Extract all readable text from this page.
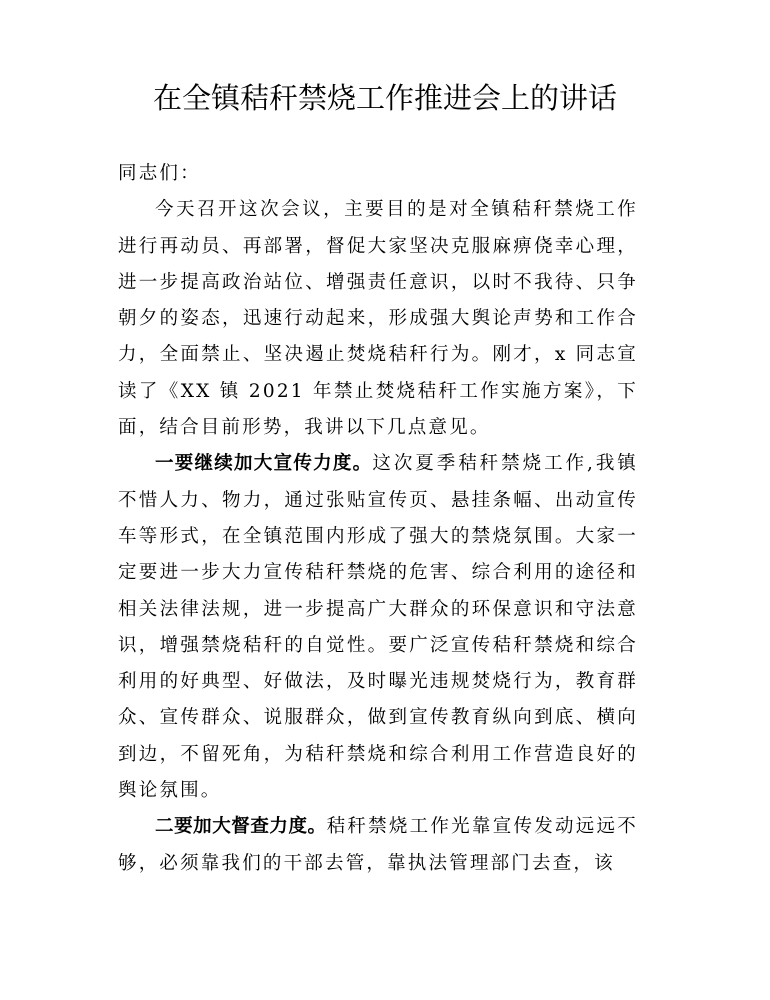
在全镇秸秆禁烧工作推进会上的讲话

同志们：

今天召开这次会议，主要目的是对全镇秸秆禁烧工作进行再动员、再部署，督促大家坚决克服麻痹侥幸心理，进一步提高政治站位、增强责任意识，以时不我待、只争朝夕的姿态，迅速行动起来，形成强大舆论声势和工作合力，全面禁止、坚决遏止焚烧秸秆行为。刚才，x 同志宣读了《XX 镇 2021 年禁止焚烧秸秆工作实施方案》，下面，结合目前形势，我讲以下几点意见。

一要继续加大宣传力度。这次夏季秸秆禁烧工作,我镇不惜人力、物力，通过张贴宣传页、悬挂条幅、出动宣传车等形式，在全镇范围内形成了强大的禁烧氛围。大家一定要进一步大力宣传秸秆禁烧的危害、综合利用的途径和相关法律法规，进一步提高广大群众的环保意识和守法意识，增强禁烧秸秆的自觉性。要广泛宣传秸秆禁烧和综合利用的好典型、好做法，及时曝光违规焚烧行为，教育群众、宣传群众、说服群众，做到宣传教育纵向到底、横向到边，不留死角，为秸秆禁烧和综合利用工作营造良好的舆论氛围。

二要加大督查力度。秸秆禁烧工作光靠宣传发动远远不够，必须靠我们的干部去管，靠执法管理部门去查，该
